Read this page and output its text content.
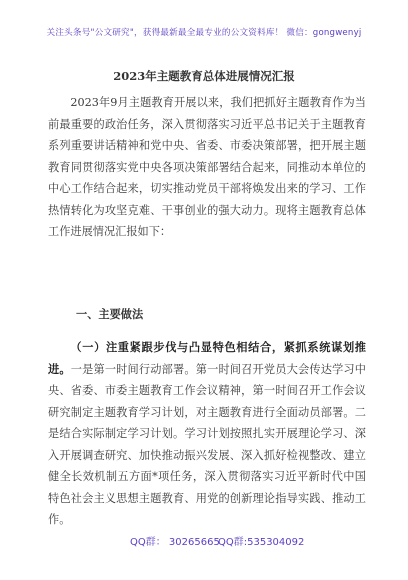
关注头条号"公文研究"，获得最新最全最专业的公文资料库！ 微信：gongwenyj
2023年主题教育总体进展情况汇报
2023年9月主题教育开展以来，我们把抓好主题教育作为当前最重要的政治任务，深入贯彻落实习近平总书记关于主题教育系列重要讲话精神和党中央、省委、市委决策部署，把开展主题教育同贯彻落实党中央各项决策部署结合起来，同推动本单位的中心工作结合起来，切实推动党员干部将焕发出来的学习、工作热情转化为攻坚克难、干事创业的强大动力。现将主题教育总体工作进展情况汇报如下：
一、主要做法
（一）注重紧跟步伐与凸显特色相结合，紧抓系统谋划推进。一是第一时间行动部署。第一时间召开党员大会传达学习中央、省委、市委主题教育工作会议精神，第一时间召开工作会议研究制定主题教育学习计划，对主题教育进行全面动员部署。二是结合实际制定学习计划。学习计划按照扎实开展理论学习、深入开展调查研究、加快推动振兴发展、深入抓好检视整改、建立健全长效机制五方面*项任务，深入贯彻落实习近平新时代中国特色社会主义思想主题教育、用党的创新理论指导实践、推动工作。
QQ群： 30265665
QQ群:535304092
